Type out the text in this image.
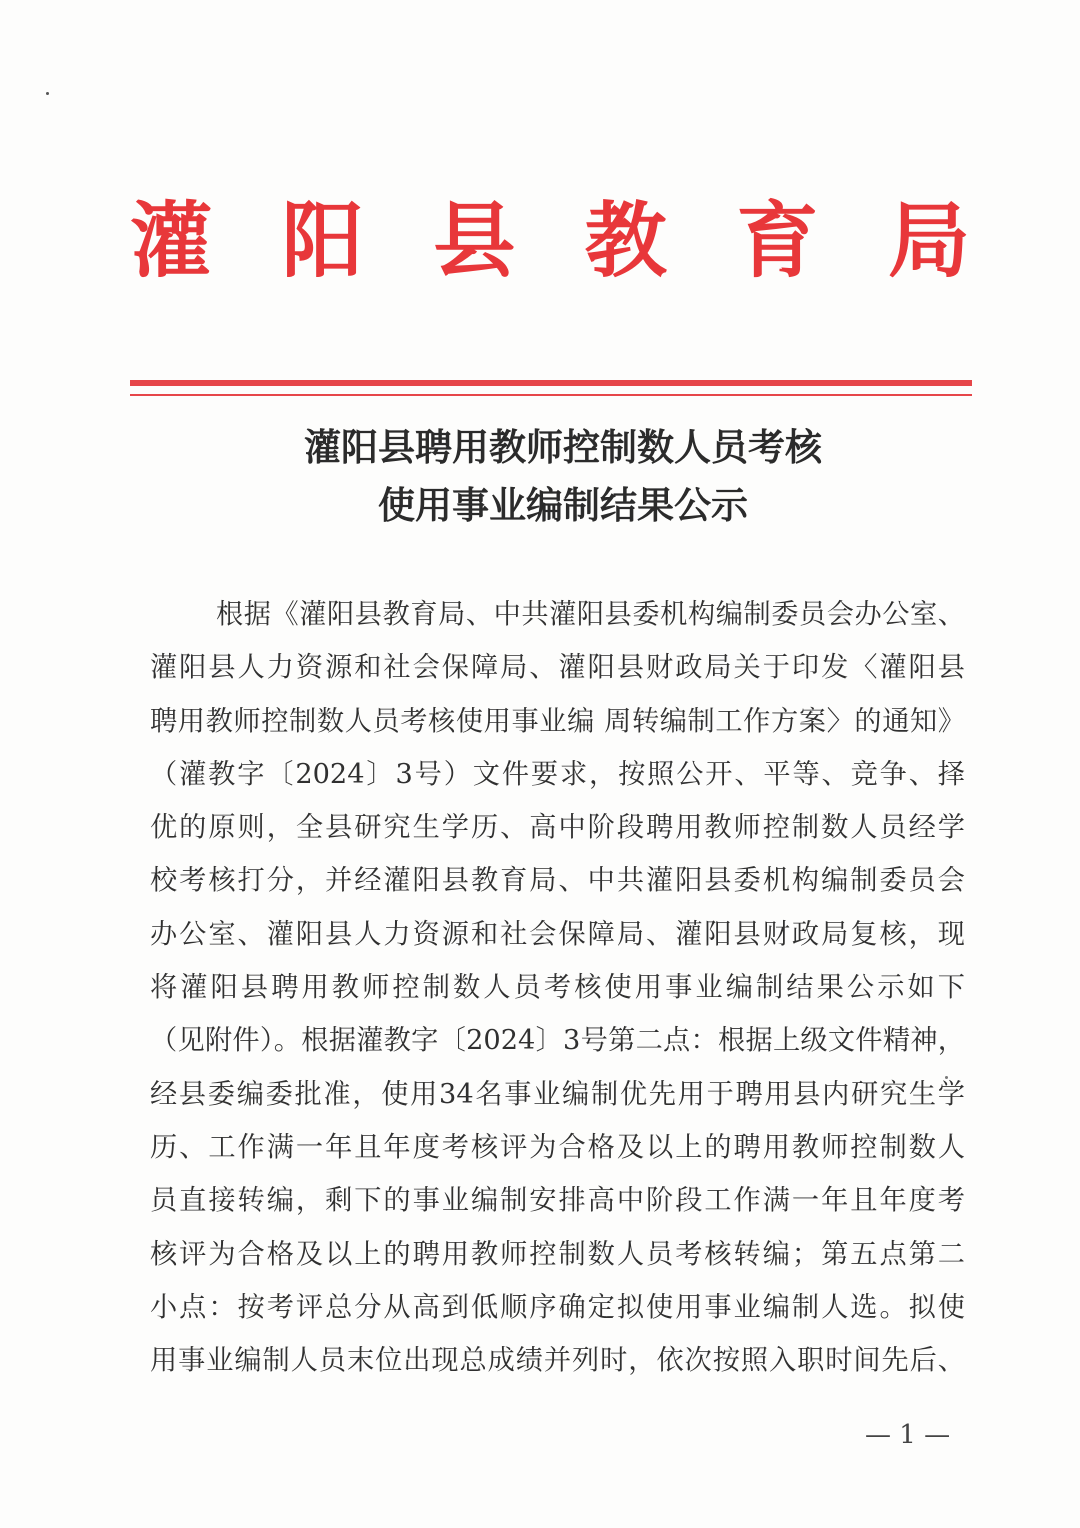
灌 阳 县 教 育 局
灌阳县聘用教师控制数人员考核
使用事业编制结果公示
根据《灌阳县教育局、中共灌阳县委机构编制委员会办公室、
灌阳县人力资源和社会保障局、灌阳县财政局关于印发〈灌阳县
聘用教师控制数人员考核使用事业编 周转编制工作方案〉的通知》
（灌教字〔2024〕3号）文件要求，按照公开、平等、竞争、择
优的原则，全县研究生学历、高中阶段聘用教师控制数人员经学
校考核打分，并经灌阳县教育局、中共灌阳县委机构编制委员会
办公室、灌阳县人力资源和社会保障局、灌阳县财政局复核，现
将灌阳县聘用教师控制数人员考核使用事业编制结果公示如下
（见附件）。根据灌教字〔2024〕3号第二点：根据上级文件精神，
经县委编委批准，使用34名事业编制优先用于聘用县内研究生学
历、工作满一年且年度考核评为合格及以上的聘用教师控制数人
员直接转编，剩下的事业编制安排高中阶段工作满一年且年度考
核评为合格及以上的聘用教师控制数人员考核转编；第五点第二
小点：按考评总分从高到低顺序确定拟使用事业编制人选。拟使
用事业编制人员末位出现总成绩并列时，依次按照入职时间先后、
— 1 —
